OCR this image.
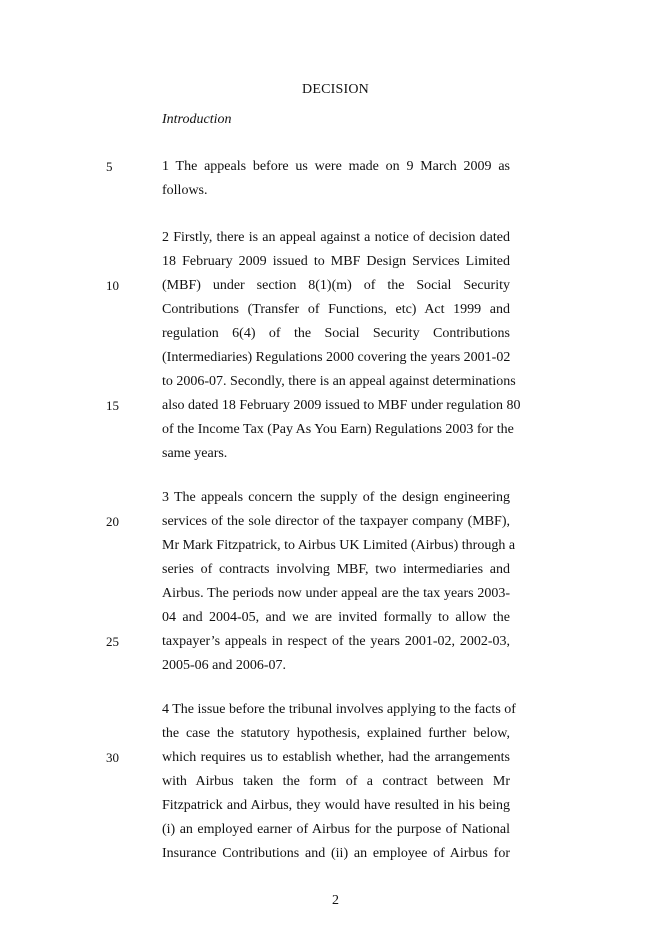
DECISION
Introduction
1 The appeals before us were made on 9 March 2009 as
follows.
2 Firstly, there is an appeal against a notice of decision dated
18 February 2009 issued to MBF Design Services Limited
(MBF) under section 8(1)(m) of the Social Security
Contributions (Transfer of Functions, etc) Act 1999 and
regulation 6(4) of the Social Security Contributions
(Intermediaries) Regulations 2000 covering the years 2001-02
to 2006-07. Secondly, there is an appeal against determinations
also dated 18 February 2009 issued to MBF under regulation 80
of the Income Tax (Pay As You Earn) Regulations 2003 for the
same years.
3 The appeals concern the supply of the design engineering
services of the sole director of the taxpayer company (MBF),
Mr Mark Fitzpatrick, to Airbus UK Limited (Airbus) through a
series of contracts involving MBF, two intermediaries and
Airbus. The periods now under appeal are the tax years 2003-
04 and 2004-05, and we are invited formally to allow the
taxpayer’s appeals in respect of the years 2001-02, 2002-03,
2005-06 and 2006-07.
4 The issue before the tribunal involves applying to the facts of
the case the statutory hypothesis, explained further below,
which requires us to establish whether, had the arrangements
with Airbus taken the form of a contract between Mr
Fitzpatrick and Airbus, they would have resulted in his being
(i) an employed earner of Airbus for the purpose of National
Insurance Contributions and (ii) an employee of Airbus for
5
10
15
20
25
30
2
